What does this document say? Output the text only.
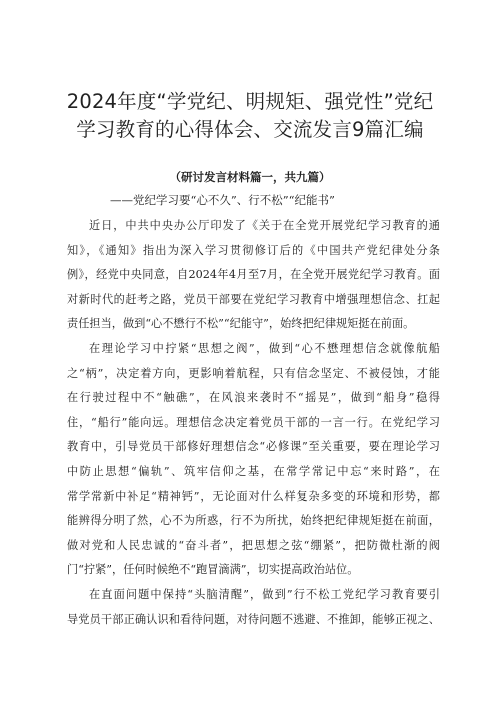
2024年度“学党纪、明规矩、强党性”党纪
学习教育的心得体会、交流发言9篇汇编
（研讨发言材料篇一，共九篇）
——党纪学习要“心不久”、行不松”“纪能书”
近日，中共中央办公厅印发了《关于在全党开展党纪学习教育的通
知》，《通知》指出为深入学习贯彻修订后的《中国共产党纪律处分条
例》，经党中央同意，自2024年4月至7月，在全党开展党纪学习教育。面
对新时代的赶考之路，党员干部要在党纪学习教育中增强理想信念、扛起
责任担当，做到“心不懋行不松”“纪能守”，始终把纪律规矩挺在前面。
在理论学习中拧紧“思想之阀”，做到“心不懋理想信念就像航船
之“柄”，决定着方向，更影响着航程，只有信念坚定、不被侵蚀，才能
在行驶过程中不“触礁”，在风浪来袭时不“摇晃”，做到“船身”稳得
住，“船行”能向远。理想信念决定着党员干部的一言一行。在党纪学习
教育中，引导党员干部修好理想信念“必修课”至关重要，要在理论学习
中防止思想“偏轨”、筑牢信仰之基，在常学常记中忘“来时路”，在
常学常新中补足“精神钙”，无论面对什么样复杂多变的环境和形势，都
能辨得分明了然，心不为所惑，行不为所扰，始终把纪律规矩挺在前面，
做对党和人民忠诚的“奋斗者”，把思想之弦“绷紧”，把防微杜渐的阀
门“拧紧”，任何时候绝不“跑冒滴满”，切实提高政治站位。
在直面问题中保持“头脑清醒”，做到”行不松工党纪学习教育要引
导党员干部正确认识和看待问题，对待问题不逃避、不推卸，能够正视之、
